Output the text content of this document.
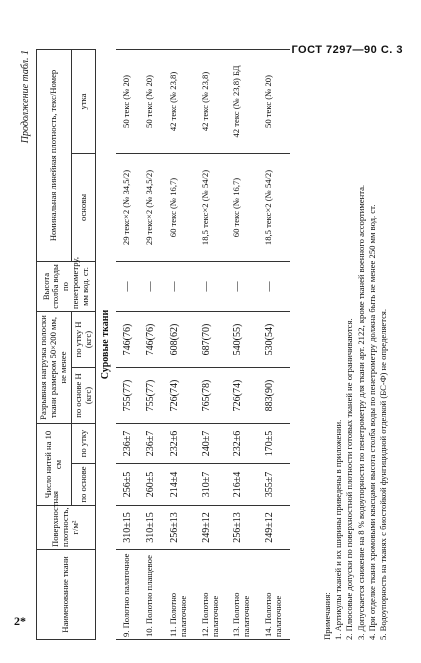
2*
ГОСТ 7297—90 С. 3
Продолжение табл. 1
Наименование ткани	Поверхностная плотность, г/м²	Число нитей на 10 см		Разрывная нагрузка полоски ткани размером 50×200 мм, не менее		Высота столба воды по пенетрометру, мм вод. ст.	Номинальная линейная плотность, текс/Номер	
		по основе	по утку	по основе Н (кгс)	по утку Н (кгс)		основы	утка
Суровые ткани								
9. Полотно палаточное	310±15	256±5	236±7	755(77)	746(76)	—	29 текс×2 (№ 34,5/2)	50 текс (№ 20)
10. Полотно плащевое	310±15	260±5	236±7	755(77)	746(76)	—	29 текс×2 (№ 34,5/2)	50 текс (№ 20)
11. Полотно палаточное	256±13	214±4	232±6	726(74)	608(62)	—	60 текс (№ 16,7)	42 текс (№ 23,8)
12. Полотно палаточное	249±12	310±7	240±7	765(78)	687(70)	—	18,5 текс×2 (№ 54/2)	42 текс (№ 23,8)
13. Полотно палаточное	256±13	216±4	232±6	726(74)	540(55)	—	60 текс (№ 16,7)	42 текс (№ 23,8) БД
14. Полотно палаточное	249±12	355±7	170±5	883(90)	530(54)	—	18,5 текс×2 (№ 54/2)	50 текс (№ 20)
Примечания: 1. Артикулы тканей и их ширины приведены в приложении. 2. Плюсовые допуски по поверхностной плотности готовых тканей не ограничиваются. 3. Допускается снижение на 8 % водоупорности по пенетрометру для ткани арт. 2122, кроме тканей военного ассортимента. 4. При отделке ткани хромовыми квасцами высота столба воды по пенетрометру должна быть не менее 250 мм вод. ст. 5. Водоупорность на тканях с биостойкой фунгицидной отделкой (БС-Ф) не определяется.
